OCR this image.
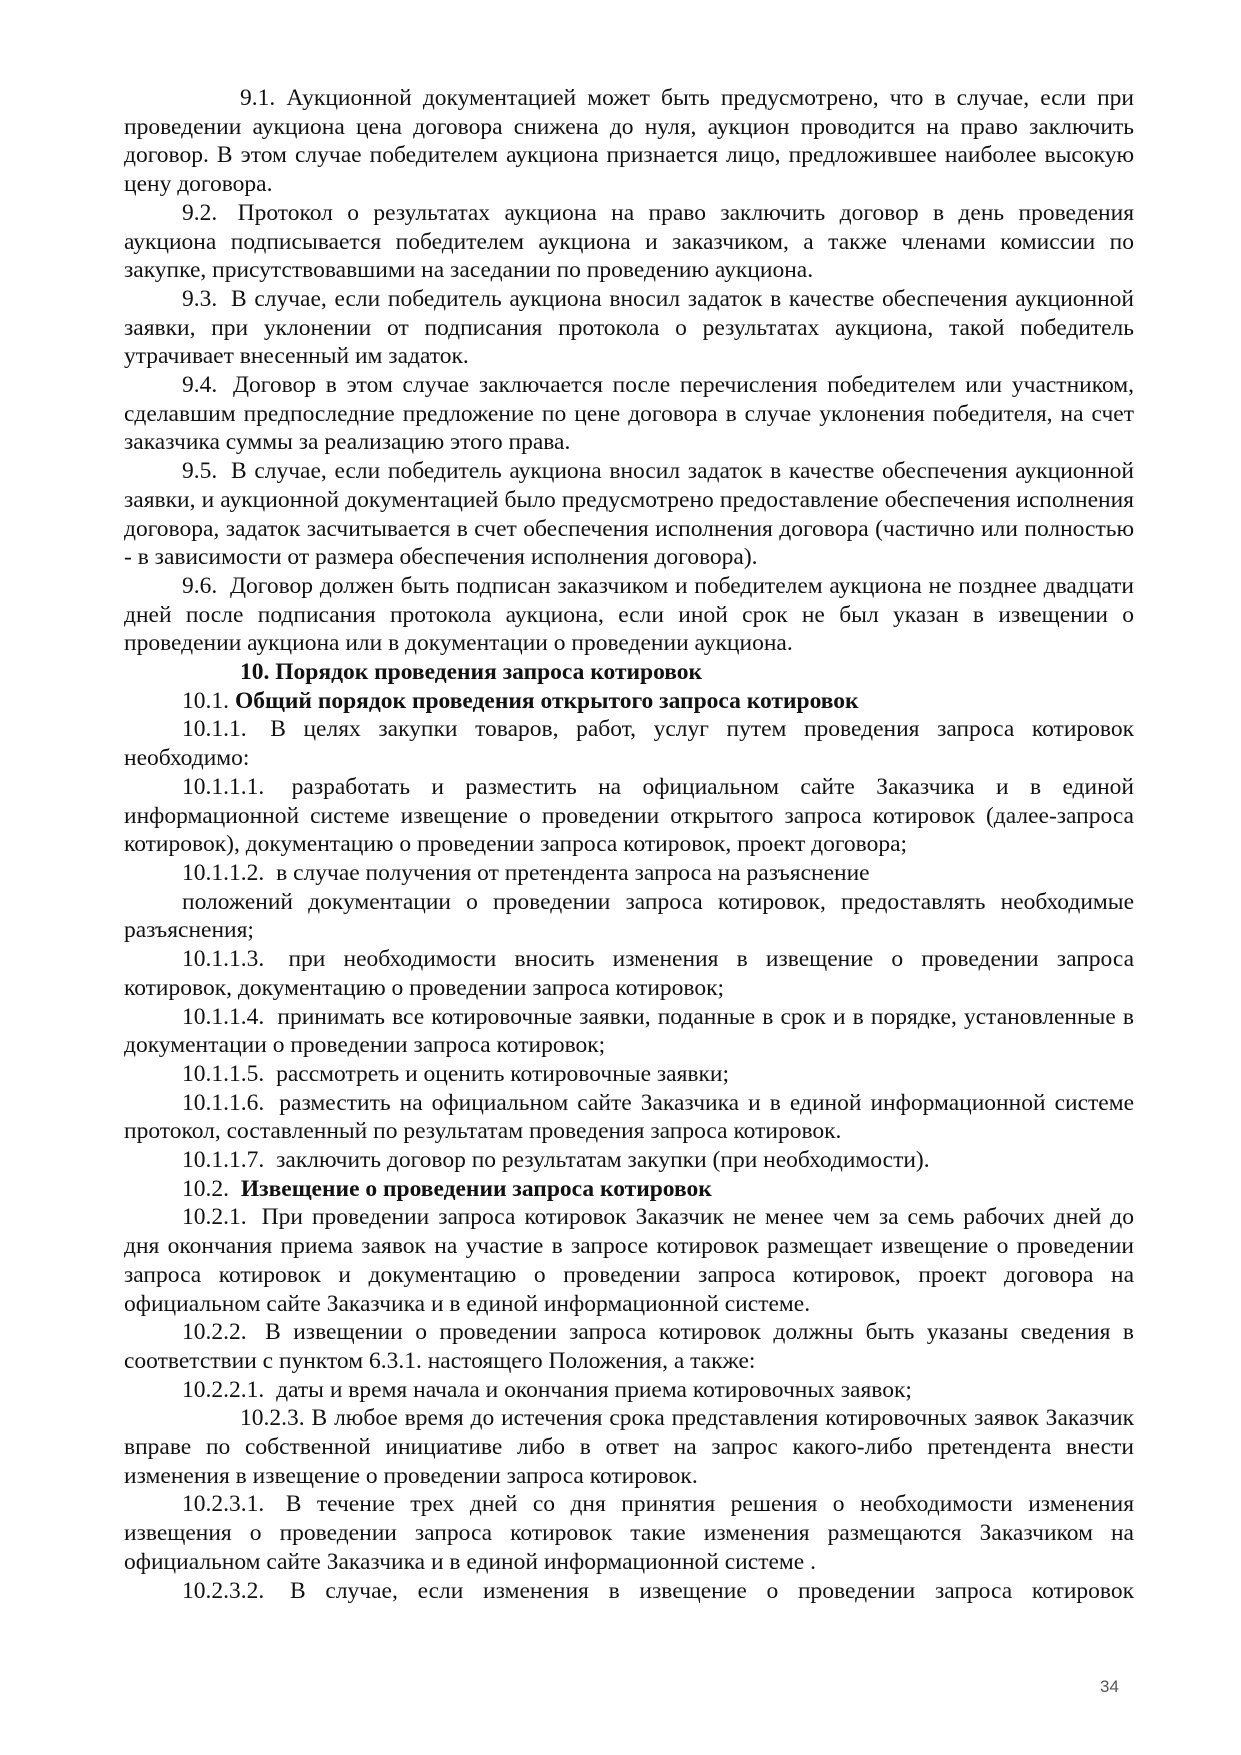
9.1. Аукционной документацией может быть предусмотрено, что в случае, если при проведении аукциона цена договора снижена до нуля, аукцион проводится на право заключить договор. В этом случае победителем аукциона признается лицо, предложившее наиболее высокую цену договора.

9.2. Протокол о результатах аукциона на право заключить договор в день проведения аукциона подписывается победителем аукциона и заказчиком, а также членами комиссии по закупке, присутствовавшими на заседании по проведению аукциона.

9.3. В случае, если победитель аукциона вносил задаток в качестве обеспечения аукционной заявки, при уклонении от подписания протокола о результатах аукциона, такой победитель утрачивает внесенный им задаток.

9.4. Договор в этом случае заключается после перечисления победителем или участником, сделавшим предпоследние предложение по цене договора в случае уклонения победителя, на счет заказчика суммы за реализацию этого права.

9.5. В случае, если победитель аукциона вносил задаток в качестве обеспечения аукционной заявки, и аукционной документацией было предусмотрено предоставление обеспечения исполнения договора, задаток засчитывается в счет обеспечения исполнения договора (частично или полностью - в зависимости от размера обеспечения исполнения договора).

9.6. Договор должен быть подписан заказчиком и победителем аукциона не позднее двадцати дней после подписания протокола аукциона, если иной срок не был указан в извещении о проведении аукциона или в документации о проведении аукциона.

10. Порядок проведения запроса котировок

10.1. Общий порядок проведения открытого запроса котировок

10.1.1. В целях закупки товаров, работ, услуг путем проведения запроса котировок необходимо:

10.1.1.1. разработать и разместить на официальном сайте Заказчика и в единой информационной системе извещение о проведении открытого запроса котировок (далее-запроса котировок), документацию о проведении запроса котировок, проект договора;

10.1.1.2. в случае получения от претендента запроса на разъяснение

положений документации о проведении запроса котировок, предоставлять необходимые разъяснения;

10.1.1.3. при необходимости вносить изменения в извещение о проведении запроса котировок, документацию о проведении запроса котировок;

10.1.1.4. принимать все котировочные заявки, поданные в срок и в порядке, установленные в документации о проведении запроса котировок;

10.1.1.5. рассмотреть и оценить котировочные заявки;

10.1.1.6. разместить на официальном сайте Заказчика и в единой информационной системе протокол, составленный по результатам проведения запроса котировок.

10.1.1.7. заключить договор по результатам закупки (при необходимости).

10.2. Извещение о проведении запроса котировок

10.2.1. При проведении запроса котировок Заказчик не менее чем за семь рабочих дней до дня окончания приема заявок на участие в запросе котировок размещает извещение о проведении запроса котировок и документацию о проведении запроса котировок, проект договора на официальном сайте Заказчика и в единой информационной системе.

10.2.2. В извещении о проведении запроса котировок должны быть указаны сведения в соответствии с пунктом 6.3.1. настоящего Положения, а также:

10.2.2.1. даты и время начала и окончания приема котировочных заявок;

10.2.3. В любое время до истечения срока представления котировочных заявок Заказчик вправе по собственной инициативе либо в ответ на запрос какого-либо претендента внести изменения в извещение о проведении запроса котировок.

10.2.3.1. В течение трех дней со дня принятия решения о необходимости изменения извещения о проведении запроса котировок такие изменения размещаются Заказчиком на официальном сайте Заказчика и в единой информационной системе .

10.2.3.2. В случае, если изменения в извещение о проведении запроса котировок

34
